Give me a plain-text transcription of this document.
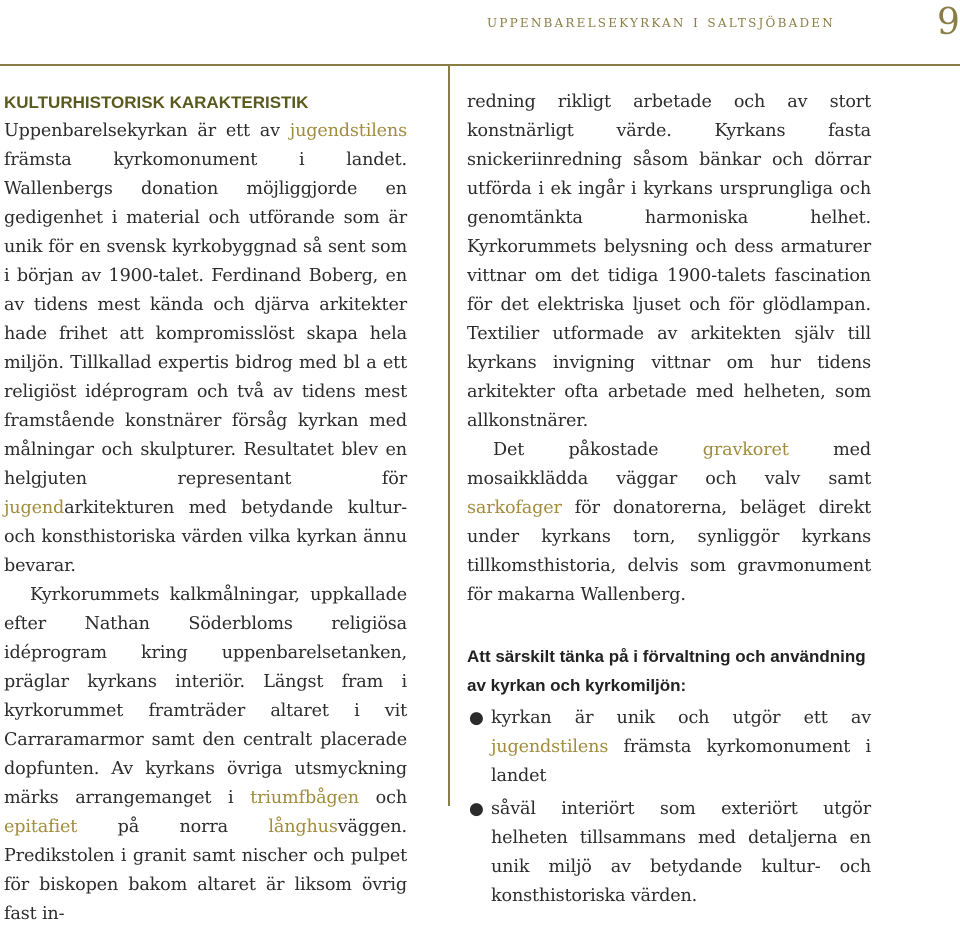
uppenbarelsekyrkan i saltsjöbaden	9

KULTURHISTORISK KARAKTERISTIK
Uppenbarelsekyrkan är ett av jugendstilens främsta kyrkomonument i landet. Wallenbergs donation möjliggjorde en gedigenhet i material och utförande som är unik för en svensk kyrkobyggnad så sent som i början av 1900-talet. Ferdinand Boberg, en av tidens mest kända och djärva arkitekter hade frihet att kompromisslöst skapa hela miljön. Tillkallad expertis bidrog med bl a ett religiöst idéprogram och två av tidens mest framstående konstnärer försåg kyrkan med målningar och skulpturer. Resultatet blev en helgjuten representant för jugendarkitekturen med betydande kultur- och konsthistoriska värden vilka kyrkan ännu bevarar.

Kyrkorummets kalkmålningar, uppkallade efter Nathan Söderbloms religiösa idéprogram kring uppenbarelsetanken, präglar kyrkans interiör. Längst fram i kyrkorummet framträder altaret i vit Carraramarmor samt den centralt placerade dopfunten. Av kyrkans övriga utsmyckning märks arrangemanget i triumfbågen och epitafiet på norra långhusväggen. Predikstolen i granit samt nischer och pulpet för biskopen bakom altaret är liksom övrig fast in-

redning rikligt arbetade och av stort konstnärligt värde. Kyrkans fasta snickeriinredning såsom bänkar och dörrar utförda i ek ingår i kyrkans ursprungliga och genomtänkta harmoniska helhet. Kyrkorummets belysning och dess armaturer vittnar om det tidiga 1900-talets fascination för det elektriska ljuset och för glödlampan. Textilier utformade av arkitekten själv till kyrkans invigning vittnar om hur tidens arkitekter ofta arbetade med helheten, som allkonstnärer.

Det påkostade gravkoret med mosaikklädda väggar och valv samt sarkofager för donatorerna, beläget direkt under kyrkans torn, synliggör kyrkans tillkomsthistoria, delvis som gravmonument för makarna Wallenberg.

Att särskilt tänka på i förvaltning och användning av kyrkan och kyrkomiljön:
● kyrkan är unik och utgör ett av jugendstilens främsta kyrkomonument i landet
● såväl interiört som exteriört utgör helheten tillsammans med detaljerna en unik miljö av betydande kultur- och konsthistoriska värden.
